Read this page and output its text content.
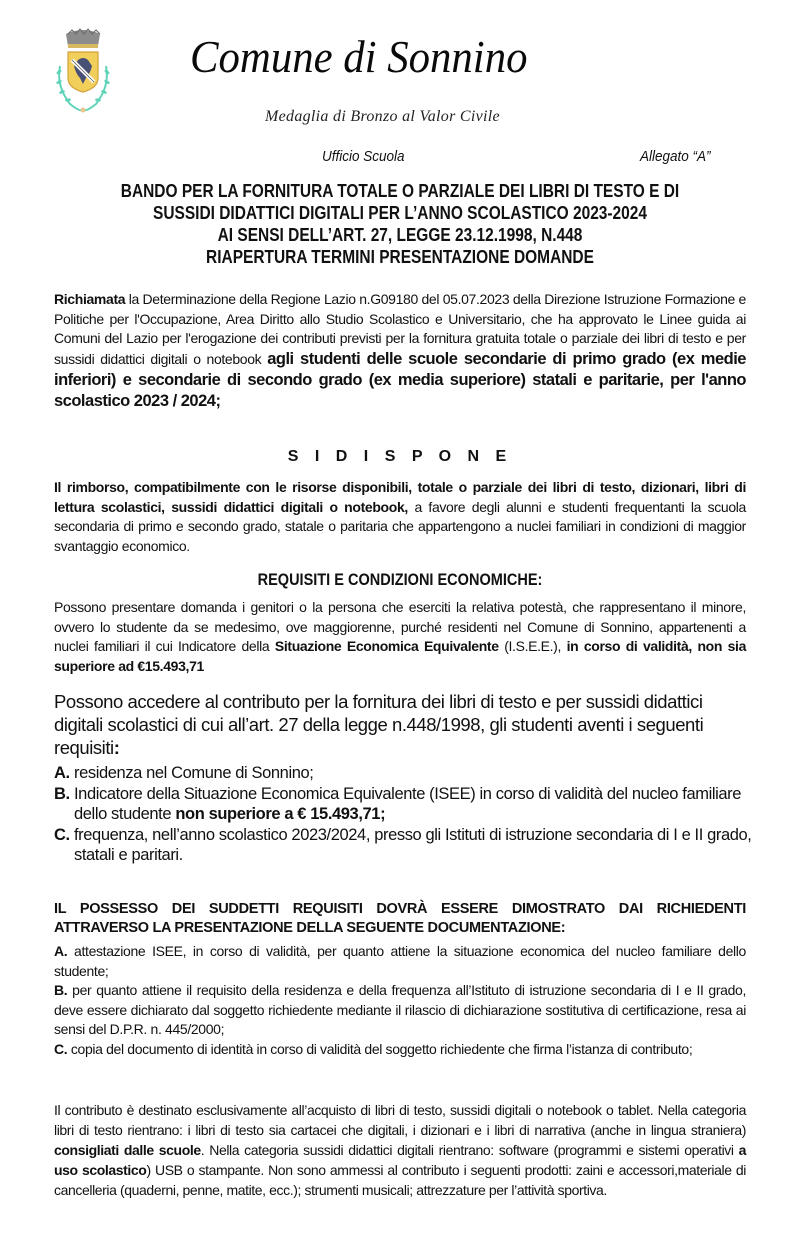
Comune di Sonnino
Medaglia di Bronzo al Valor Civile
Ufficio Scuola	Allegato “A”
BANDO PER LA FORNITURA TOTALE O PARZIALE DEI LIBRI DI TESTO E DI
SUSSIDI DIDATTICI DIGITALI PER L’ANNO SCOLASTICO 2023-2024
AI SENSI DELL’ART. 27, LEGGE 23.12.1998, N.448
RIAPERTURA TERMINI PRESENTAZIONE DOMANDE
Richiamata la Determinazione della Regione Lazio n.G09180 del 05.07.2023 della Direzione Istruzione Formazione e Politiche per l'Occupazione, Area Diritto allo Studio Scolastico e Universitario, che ha approvato le Linee guida ai Comuni del Lazio per l'erogazione dei contributi previsti per la fornitura gratuita totale o parziale dei libri di testo e per sussidi didattici digitali o notebook agli studenti delle scuole secondarie di primo grado (ex medie inferiori) e secondarie di secondo grado (ex media superiore) statali e paritarie, per l'anno scolastico 2023 / 2024;
S I D I S P O N E
Il rimborso, compatibilmente con le risorse disponibili, totale o parziale dei libri di testo, dizionari, libri di lettura scolastici, sussidi didattici digitali o notebook, a favore degli alunni e studenti frequentanti la scuola secondaria di primo e secondo grado, statale o paritaria che appartengono a nuclei familiari in condizioni di maggior svantaggio economico.
REQUISITI E CONDIZIONI ECONOMICHE:
Possono presentare domanda i genitori o la persona che eserciti la relativa potestà, che rappresentano il minore, ovvero lo studente da se medesimo, ove maggiorenne, purché residenti nel Comune di Sonnino, appartenenti a nuclei familiari il cui Indicatore della Situazione Economica Equivalente (I.S.E.E.), in corso di validità, non sia superiore ad €15.493,71
Possono accedere al contributo per la fornitura dei libri di testo e per sussidi didattici digitali scolastici di cui all’art. 27 della legge n.448/1998, gli studenti aventi i seguenti requisiti:
A. residenza nel Comune di Sonnino;
B. Indicatore della Situazione Economica Equivalente (ISEE) in corso di validità del nucleo familiare dello studente non superiore a € 15.493,71;
C. frequenza, nell’anno scolastico 2023/2024, presso gli Istituti di istruzione secondaria di I e II grado, statali e paritari.
IL POSSESSO DEI SUDDETTI REQUISITI DOVRÀ ESSERE DIMOSTRATO DAI RICHIEDENTI ATTRAVERSO LA PRESENTAZIONE DELLA SEGUENTE DOCUMENTAZIONE:
A. attestazione ISEE, in corso di validità, per quanto attiene la situazione economica del nucleo familiare dello studente;
B. per quanto attiene il requisito della residenza e della frequenza all’Istituto di istruzione secondaria di I e II grado, deve essere dichiarato dal soggetto richiedente mediante il rilascio di dichiarazione sostitutiva di certificazione, resa ai sensi del D.P.R. n. 445/2000;
C. copia del documento di identità in corso di validità del soggetto richiedente che firma l’istanza di contributo;
Il contributo è destinato esclusivamente all’acquisto di libri di testo, sussidi digitali o notebook o tablet. Nella categoria libri di testo rientrano: i libri di testo sia cartacei che digitali, i dizionari e i libri di narrativa (anche in lingua straniera) consigliati dalle scuole. Nella categoria sussidi didattici digitali rientrano: software (programmi e sistemi operativi a uso scolastico) USB o stampante. Non sono ammessi al contributo i seguenti prodotti: zaini e accessori,materiale di cancelleria (quaderni, penne, matite, ecc.); strumenti musicali; attrezzature per l’attività sportiva.
